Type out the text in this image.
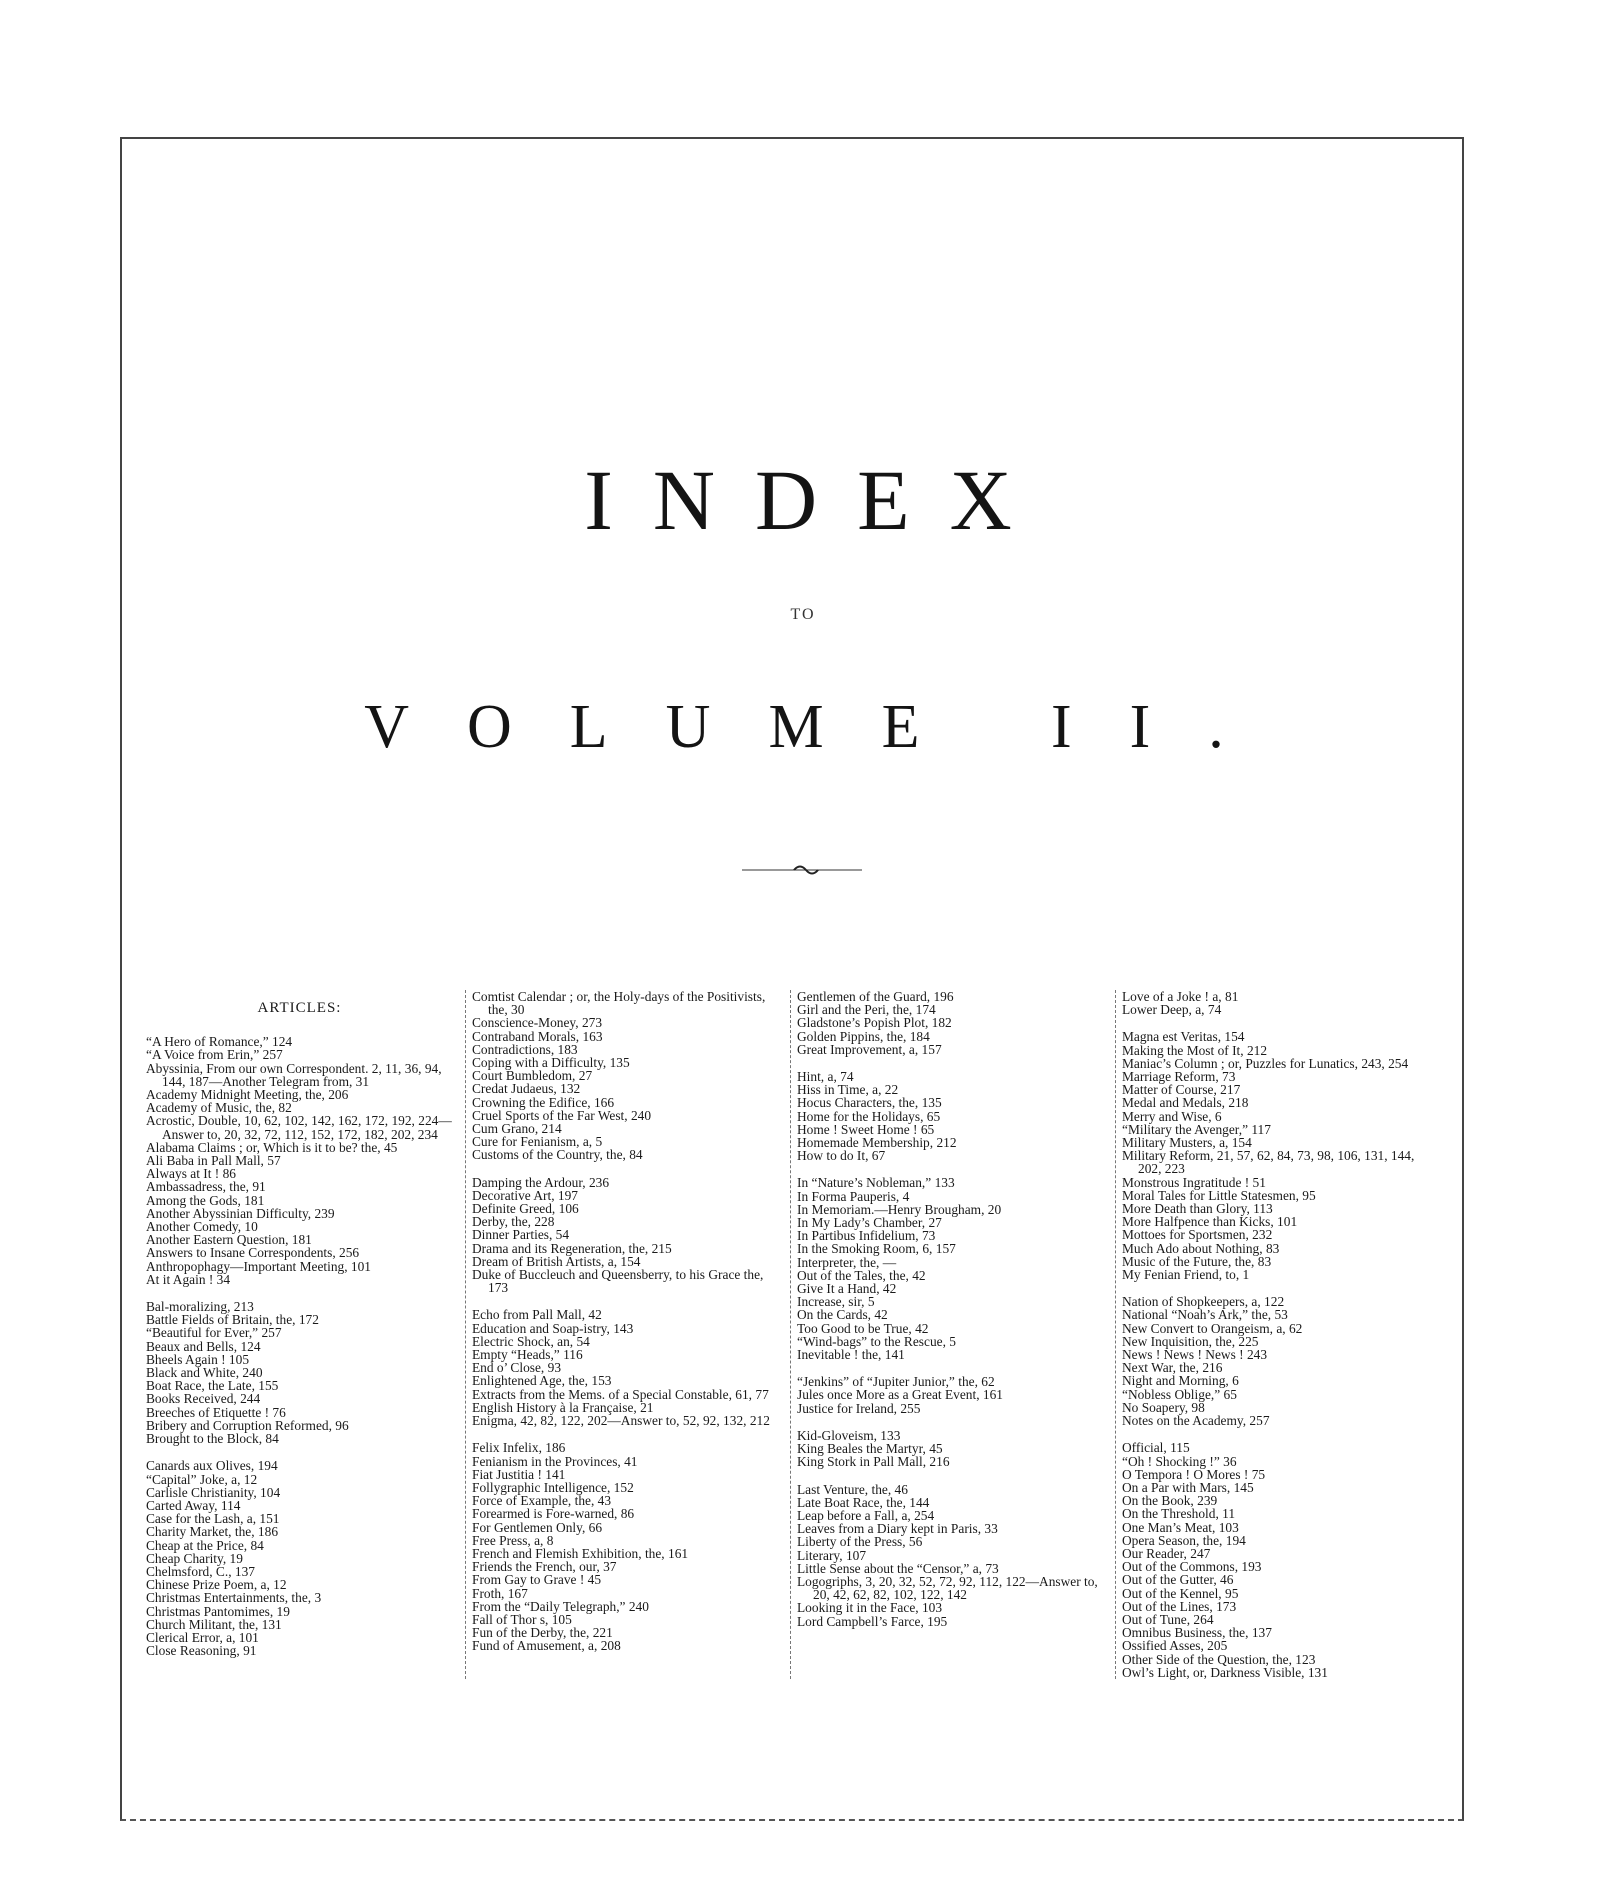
INDEX
TO
VOLUME II.
ARTICLES:
“A Hero of Romance,” 124
“A Voice from Erin,” 257
Abyssinia, From our own Correspondent. 2, 11, 36, 94, 144, 187—Another Telegram from, 31
Academy Midnight Meeting, the, 206
Academy of Music, the, 82
Acrostic, Double, 10, 62, 102, 142, 162, 172, 192, 224—Answer to, 20, 32, 72, 112, 152, 172, 182, 202, 234
Alabama Claims ; or, Which is it to be? the, 45
Ali Baba in Pall Mall, 57
Always at It ! 86
Ambassadress, the, 91
Among the Gods, 181
Another Abyssinian Difficulty, 239
Another Comedy, 10
Another Eastern Question, 181
Answers to Insane Correspondents, 256
Anthropophagy—Important Meeting, 101
At it Again ! 34
Bal-moralizing, 213
Battle Fields of Britain, the, 172
“Beautiful for Ever,” 257
Beaux and Bells, 124
Bheels Again ! 105
Black and White, 240
Boat Race, the Late, 155
Books Received, 244
Breeches of Etiquette ! 76
Bribery and Corruption Reformed, 96
Brought to the Block, 84
Canards aux Olives, 194
“Capital” Joke, a, 12
Carlisle Christianity, 104
Carted Away, 114
Case for the Lash, a, 151
Charity Market, the, 186
Cheap at the Price, 84
Cheap Charity, 19
Chelmsford, C., 137
Chinese Prize Poem, a, 12
Christmas Entertainments, the, 3
Christmas Pantomimes, 19
Church Militant, the, 131
Clerical Error, a, 101
Close Reasoning, 91
Comtist Calendar ; or, the Holy-days of the Positivists, the, 30
Conscience-Money, 273
Contraband Morals, 163
Contradictions, 183
Coping with a Difficulty, 135
Court Bumbledom, 27
Credat Judaeus, 132
Crowning the Edifice, 166
Cruel Sports of the Far West, 240
Cum Grano, 214
Cure for Fenianism, a, 5
Customs of the Country, the, 84
Damping the Ardour, 236
Decorative Art, 197
Definite Greed, 106
Derby, the, 228
Dinner Parties, 54
Drama and its Regeneration, the, 215
Dream of British Artists, a, 154
Duke of Buccleuch and Queensberry, to his Grace the, 173
Echo from Pall Mall, 42
Education and Soap-istry, 143
Electric Shock, an, 54
Empty “Heads,” 116
End o’ Close, 93
Enlightened Age, the, 153
Extracts from the Mems. of a Special Constable, 61, 77
English History à la Française, 21
Enigma, 42, 82, 122, 202—Answer to, 52, 92, 132, 212
Felix Infelix, 186
Fenianism in the Provinces, 41
Fiat Justitia ! 141
Follygraphic Intelligence, 152
Force of Example, the, 43
Forearmed is Fore-warned, 86
For Gentlemen Only, 66
Free Press, a, 8
French and Flemish Exhibition, the, 161
Friends the French, our, 37
From Gay to Grave ! 45
Froth, 167
From the “Daily Telegraph,” 240
Fall of Thor s, 105
Fun of the Derby, the, 221
Fund of Amusement, a, 208
Gentlemen of the Guard, 196
Girl and the Peri, the, 174
Gladstone’s Popish Plot, 182
Golden Pippins, the, 184
Great Improvement, a, 157
Hint, a, 74
Hiss in Time, a, 22
Hocus Characters, the, 135
Home for the Holidays, 65
Home ! Sweet Home ! 65
Homemade Membership, 212
How to do It, 67
In “Nature’s Nobleman,” 133
In Forma Pauperis, 4
In Memoriam.—Henry Brougham, 20
In My Lady’s Chamber, 27
In Partibus Infidelium, 73
In the Smoking Room, 6, 157
Interpreter, the, —
Out of the Tales, the, 42
Give It a Hand, 42
Increase, sir, 5
On the Cards, 42
Too Good to be True, 42
“Wind-bags” to the Rescue, 5
Inevitable ! the, 141
“Jenkins” of “Jupiter Junior,” the, 62
Jules once More as a Great Event, 161
Justice for Ireland, 255
Kid-Gloveism, 133
King Beales the Martyr, 45
King Stork in Pall Mall, 216
Last Venture, the, 46
Late Boat Race, the, 144
Leap before a Fall, a, 254
Leaves from a Diary kept in Paris, 33
Liberty of the Press, 56
Literary, 107
Little Sense about the “Censor,” a, 73
Logogriphs, 3, 20, 32, 52, 72, 92, 112, 122—Answer to, 20, 42, 62, 82, 102, 122, 142
Looking it in the Face, 103
Lord Campbell’s Farce, 195
Love of a Joke ! a, 81
Lower Deep, a, 74
Magna est Veritas, 154
Making the Most of It, 212
Maniac’s Column ; or, Puzzles for Lunatics, 243, 254
Marriage Reform, 73
Matter of Course, 217
Medal and Medals, 218
Merry and Wise, 6
“Military the Avenger,” 117
Military Musters, a, 154
Military Reform, 21, 57, 62, 84, 73, 98, 106, 131, 144, 202, 223
Monstrous Ingratitude ! 51
Moral Tales for Little Statesmen, 95
More Death than Glory, 113
More Halfpence than Kicks, 101
Mottoes for Sportsmen, 232
Much Ado about Nothing, 83
Music of the Future, the, 83
My Fenian Friend, to, 1
Nation of Shopkeepers, a, 122
National “Noah’s Ark,” the, 53
New Convert to Orangeism, a, 62
New Inquisition, the, 225
News ! News ! News ! 243
Next War, the, 216
Night and Morning, 6
“Nobless Oblige,” 65
No Soapery, 98
Notes on the Academy, 257
Official, 115
“Oh ! Shocking !” 36
O Tempora ! O Mores ! 75
On a Par with Mars, 145
On the Book, 239
On the Threshold, 11
One Man’s Meat, 103
Opera Season, the, 194
Our Reader, 247
Out of the Commons, 193
Out of the Gutter, 46
Out of the Kennel, 95
Out of the Lines, 173
Out of Tune, 264
Omnibus Business, the, 137
Ossified Asses, 205
Other Side of the Question, the, 123
Owl’s Light, or, Darkness Visible, 131
